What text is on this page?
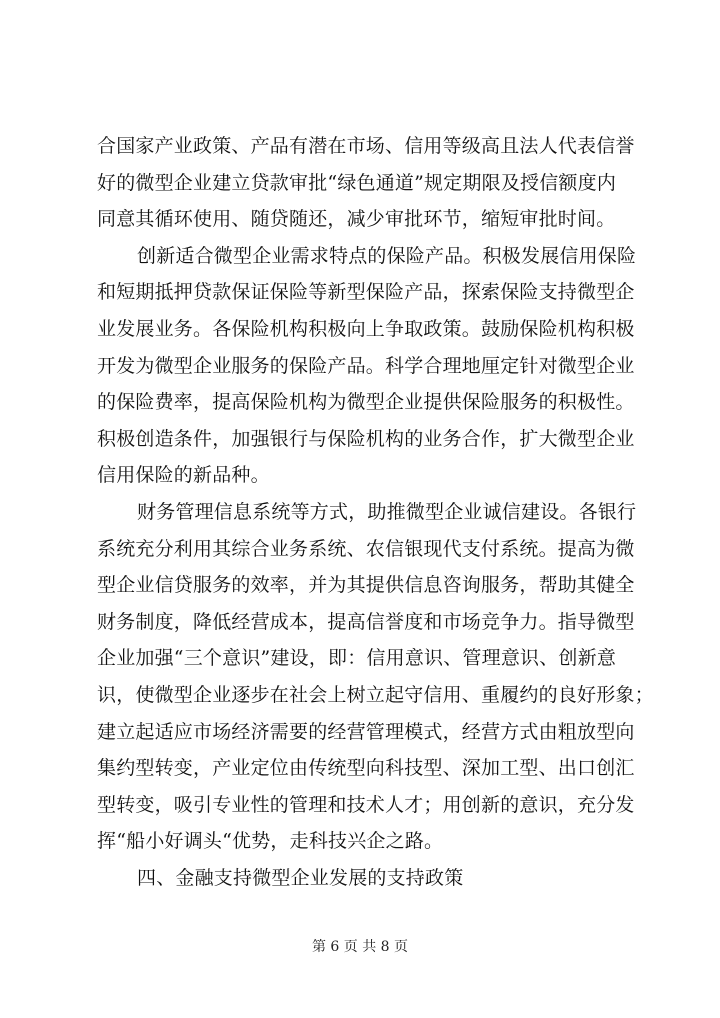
合国家产业政策、产品有潜在市场、信用等级高且法人代表信誉
好的微型企业建立贷款审批“绿色通道”规定期限及授信额度内
同意其循环使用、随贷随还，减少审批环节，缩短审批时间。
创新适合微型企业需求特点的保险产品。积极发展信用保险
和短期抵押贷款保证保险等新型保险产品，探索保险支持微型企
业发展业务。各保险机构积极向上争取政策。鼓励保险机构积极
开发为微型企业服务的保险产品。科学合理地厘定针对微型企业
的保险费率，提高保险机构为微型企业提供保险服务的积极性。
积极创造条件，加强银行与保险机构的业务合作，扩大微型企业
信用保险的新品种。
财务管理信息系统等方式，助推微型企业诚信建设。各银行
系统充分利用其综合业务系统、农信银现代支付系统。提高为微
型企业信贷服务的效率，并为其提供信息咨询服务，帮助其健全
财务制度，降低经营成本，提高信誉度和市场竞争力。指导微型
企业加强“三个意识”建设，即：信用意识、管理意识、创新意
识，使微型企业逐步在社会上树立起守信用、重履约的良好形象；
建立起适应市场经济需要的经营管理模式，经营方式由粗放型向
集约型转变，产业定位由传统型向科技型、深加工型、出口创汇
型转变，吸引专业性的管理和技术人才；用创新的意识，充分发
挥“船小好调头“优势，走科技兴企之路。
四、金融支持微型企业发展的支持政策
第 6 页 共 8 页
